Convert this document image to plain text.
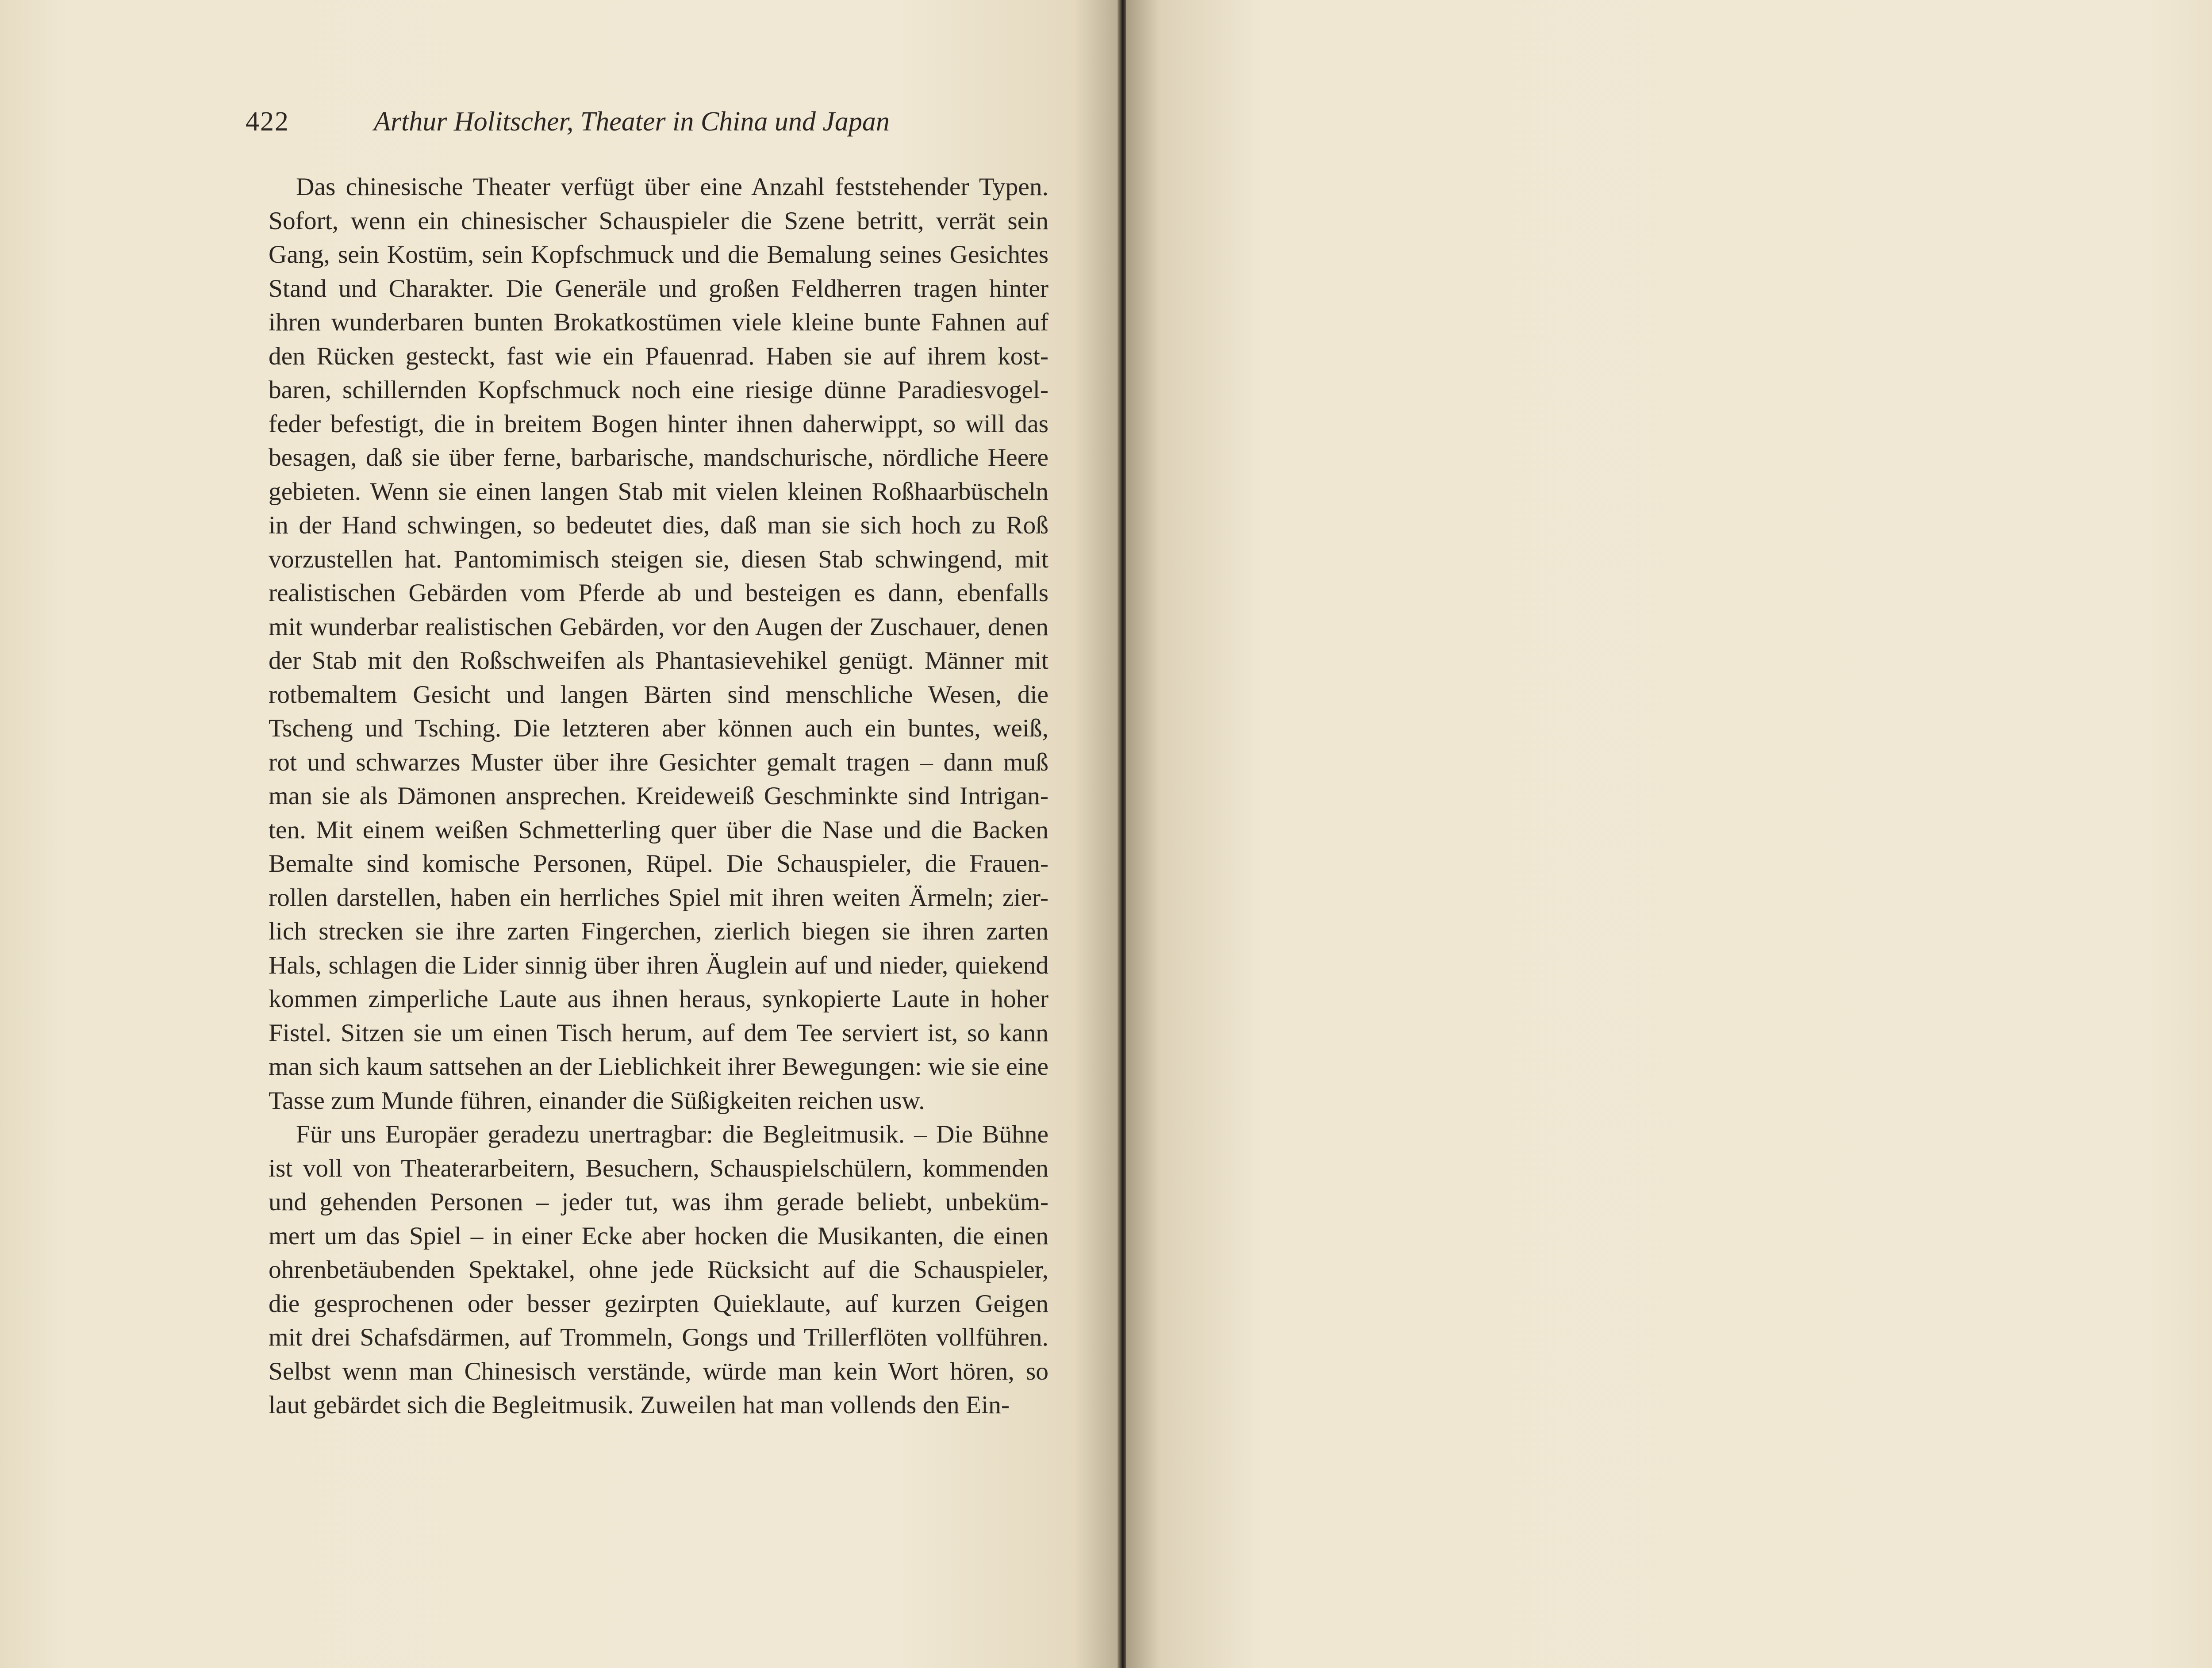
422	Arthur Holitscher, Theater in China und Japan
Das chinesische Theater verfügt über eine Anzahl feststehender Typen.
Sofort, wenn ein chinesischer Schauspieler die Szene betritt, verrät sein
Gang, sein Kostüm, sein Kopfschmuck und die Bemalung seines Gesichtes
Stand und Charakter. Die Generäle und großen Feldherren tragen hinter
ihren wunderbaren bunten Brokatkostümen viele kleine bunte Fahnen auf
den Rücken gesteckt, fast wie ein Pfauenrad. Haben sie auf ihrem kost-
baren, schillernden Kopfschmuck noch eine riesige dünne Paradiesvogel-
feder befestigt, die in breitem Bogen hinter ihnen daherwippt, so will das
besagen, daß sie über ferne, barbarische, mandschurische, nördliche Heere
gebieten. Wenn sie einen langen Stab mit vielen kleinen Roßhaarbüscheln
in der Hand schwingen, so bedeutet dies, daß man sie sich hoch zu Roß
vorzustellen hat. Pantomimisch steigen sie, diesen Stab schwingend, mit
realistischen Gebärden vom Pferde ab und besteigen es dann, ebenfalls
mit wunderbar realistischen Gebärden, vor den Augen der Zuschauer, denen
der Stab mit den Roßschweifen als Phantasievehikel genügt. Männer mit
rotbemaltem Gesicht und langen Bärten sind menschliche Wesen, die
Tscheng und Tsching. Die letzteren aber können auch ein buntes, weiß,
rot und schwarzes Muster über ihre Gesichter gemalt tragen – dann muß
man sie als Dämonen ansprechen. Kreideweiß Geschminkte sind Intrigan-
ten. Mit einem weißen Schmetterling quer über die Nase und die Backen
Bemalte sind komische Personen, Rüpel. Die Schauspieler, die Frauen-
rollen darstellen, haben ein herrliches Spiel mit ihren weiten Ärmeln; zier-
lich strecken sie ihre zarten Fingerchen, zierlich biegen sie ihren zarten
Hals, schlagen die Lider sinnig über ihren Äuglein auf und nieder, quiekend
kommen zimperliche Laute aus ihnen heraus, synkopierte Laute in hoher
Fistel. Sitzen sie um einen Tisch herum, auf dem Tee serviert ist, so kann
man sich kaum sattsehen an der Lieblichkeit ihrer Bewegungen: wie sie eine
Tasse zum Munde führen, einander die Süßigkeiten reichen usw.
Für uns Europäer geradezu unertragbar: die Begleitmusik. – Die Bühne
ist voll von Theaterarbeitern, Besuchern, Schauspielschülern, kommenden
und gehenden Personen – jeder tut, was ihm gerade beliebt, unbeküm-
mert um das Spiel – in einer Ecke aber hocken die Musikanten, die einen
ohrenbetäubenden Spektakel, ohne jede Rücksicht auf die Schauspieler,
die gesprochenen oder besser gezirpten Quieklaute, auf kurzen Geigen
mit drei Schafsdärmen, auf Trommeln, Gongs und Trillerflöten vollführen.
Selbst wenn man Chinesisch verstände, würde man kein Wort hören, so
laut gebärdet sich die Begleitmusik. Zuweilen hat man vollends den Ein-
